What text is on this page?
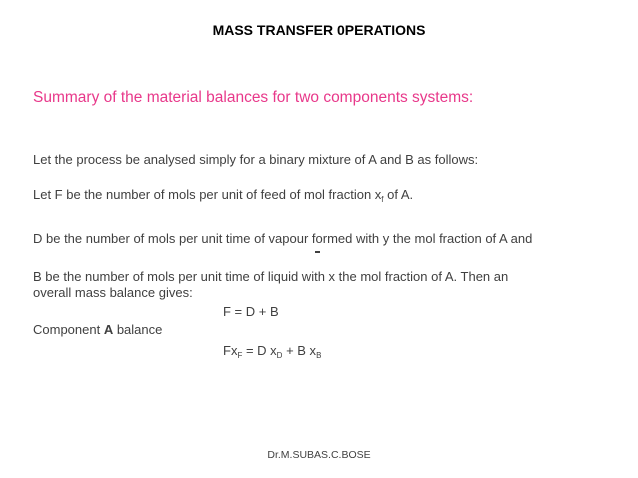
MASS TRANSFER 0PERATIONS
Summary of the material balances for two components systems:
Let the process be analysed simply for a binary mixture of A and B as follows:
Let F be the number of mols per unit of feed of mol fraction $x_f$ of A.
D be the number of mols per unit time of vapour formed with y the mol fraction of A and
B be the number of mols per unit time of liquid with x the mol fraction of A. Then an
overall mass balance gives:
F = D + B
Component A balance
$Fx_F = D$ $x_D + B$ $x_B$
Dr.M.SUBAS.C.BOSE
